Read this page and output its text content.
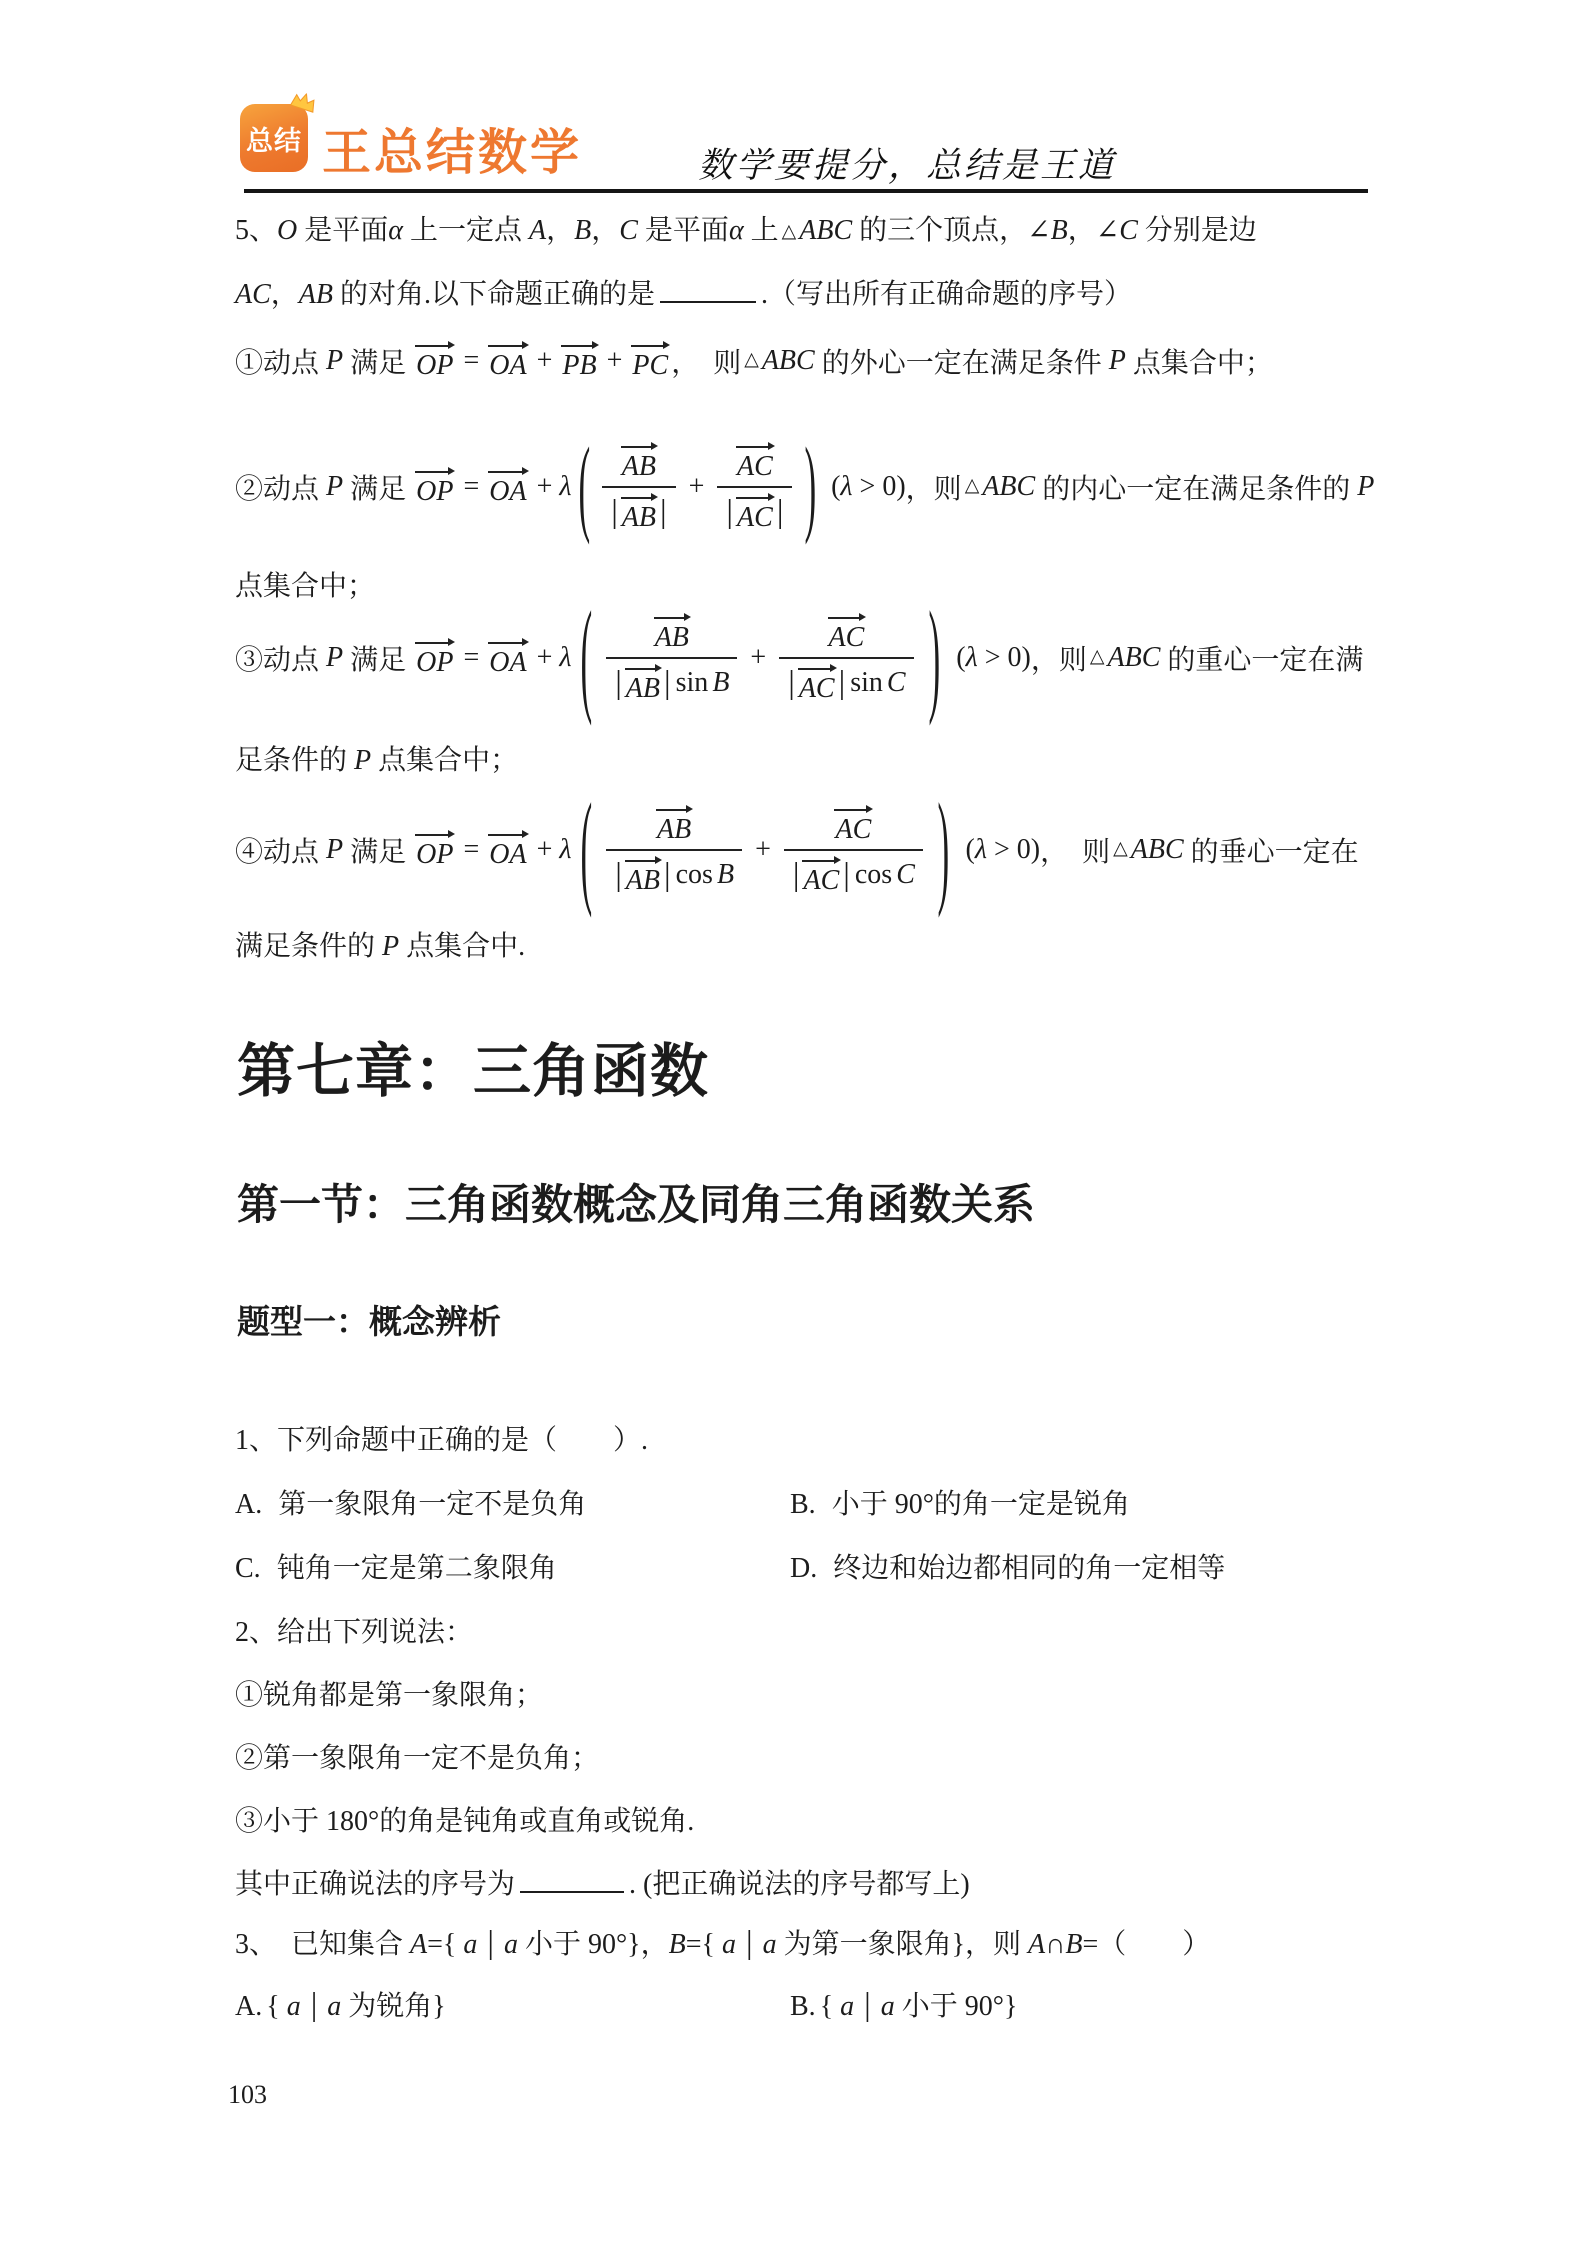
总结 王总结数学	数学要提分，总结是王道
5、O 是平面α 上一定点 A，B，C 是平面α 上 △ ABC 的三个顶点，∠B，∠C 分别是边
AC，AB 的对角.以下命题正确的是	.（写出所有正确命题的序号）
①动点 P 满足 OP = OA + PB + PC ，  则 △ ABC 的外心一定在满足条件 P 点集合中；
②动点 P 满足 OP = OA + λ ( $\frac{AB}{| AB |} + \frac{AC}{| AC |}$ ) (λ > 0) ，则 △ ABC 的内心一定在满足条件的 P
点集合中；
③动点 P 满足 OP = OA + λ ( $\frac{AB}{\text{| AB | sin B}} + \frac{AC}{\text{| AC | sin C}}$ ) (λ > 0) ，则 △ ABC 的重心一定在满
足条件的 P 点集合中；
④动点 P 满足 OP = OA + λ ( $\frac{AB}{\text{| AB | cos B}} + \frac{AC}{\text{| AC | cos C}}$ ) (λ > 0) ，  则 △ ABC 的垂心一定在
满足条件的 P 点集合中.
第七章：三角函数
第一节：三角函数概念及同角三角函数关系
题型一：概念辨析
1、下列命题中正确的是（　　）.
A. 第一象限角一定不是负角	B. 小于 90°的角一定是锐角
C. 钝角一定是第二象限角	D. 终边和始边都相同的角一定相等
2、给出下列说法：
①锐角都是第一象限角；
②第一象限角一定不是负角；
③小于 180°的角是钝角或直角或锐角.
其中正确说法的序号为	. (把正确说法的序号都写上)
3、  已知集合 A={ a | a 小于 90°}，B={ a | a 为第一象限角}，则 A∩B=（　　）
A. { a | a 为锐角}	B. { a | a 小于 90°}
103
